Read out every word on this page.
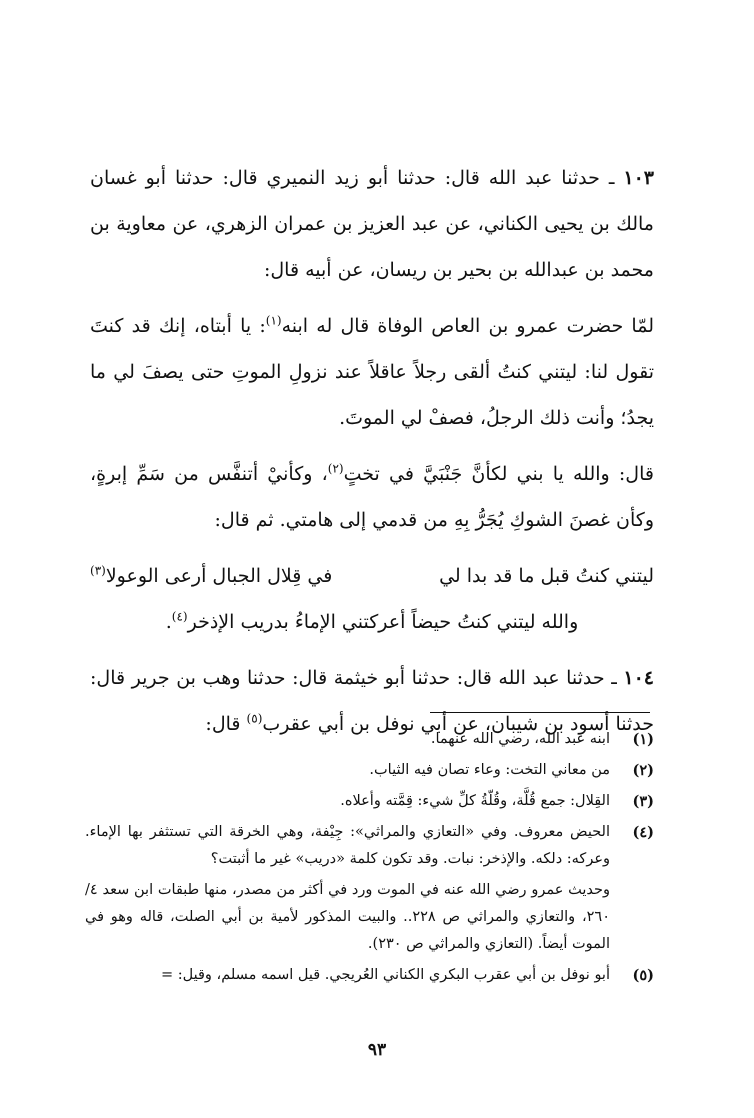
١٠٣ ـ حدثنا عبد الله قال: حدثنا أبو زيد النميري قال: حدثنا أبو غسان مالك بن يحيى الكناني، عن عبد العزيز بن عمران الزهري، عن معاوية بن محمد بن عبدالله بن بحير بن ريسان، عن أبيه قال:

لمّا حضرت عمرو بن العاص الوفاة قال له ابنه$^{(١)}$: يا أبتاه، إنك قد كنتَ تقول لنا: ليتني كنتُ ألقى رجلاً عاقلاً عند نزولِ الموتِ حتى يصفَ لي ما يجدُ؛ وأنت ذلك الرجلُ، فصفْ لي الموتَ.

قال: والله يا بني لكأنَّ جَنْبَيَّ في تختٍ$^{(٢)}$، وكأنيْ أتنفَّس من سَمِّ إبرةٍ، وكأن غصنَ الشوكِ يُجَرُّ بِهِ من قدمي إلى هامتي. ثم قال:

ليتني كنتُ قبل ما قد بدا لي
في قِلال الجبال أرعى الوعولا$^{(٣)}$

والله ليتني كنتُ حيضاً أعركتني الإماءُ بدريب الإذخر$^{(٤)}$.

١٠٤ ـ حدثنا عبد الله قال: حدثنا أبو خيثمة قال: حدثنا وهب بن جرير قال: حدثنا أسود بن شيبان، عن أبي نوفل بن أبي عقرب$^{(٥)}$ قال:

(١)
ابنه عبد الله، رضي الله عنهما.
(٢)
من معاني التخت: وعاء تصان فيه الثياب.
(٣)
القِلال: جمع قُلَّة، وقُلّةُ كلِّ شيء: قِمَّته وأعلاه.
(٤)
الحيض معروف. وفي «التعازي والمراثي»: جِيْفة، وهي الخرقة التي تستثفر بها الإماء. وعركه: دلكه. والإذخر: نبات. وقد تكون كلمة «دريب» غير ما أثبتت؟

وحديث عمرو رضي الله عنه في الموت ورد في أكثر من مصدر، منها طبقات ابن سعد ٤/ ٢٦٠، والتعازي والمراثي ص ٢٢٨.. والبيت المذكور لأمية بن أبي الصلت، قاله وهو في الموت أيضاً. (التعازي والمراثي ص ٢٣٠).

(٥)
أبو نوفل بن أبي عقرب البكري الكناني العُريجي. قيل اسمه مسلم، وقيل: =
٩٣
